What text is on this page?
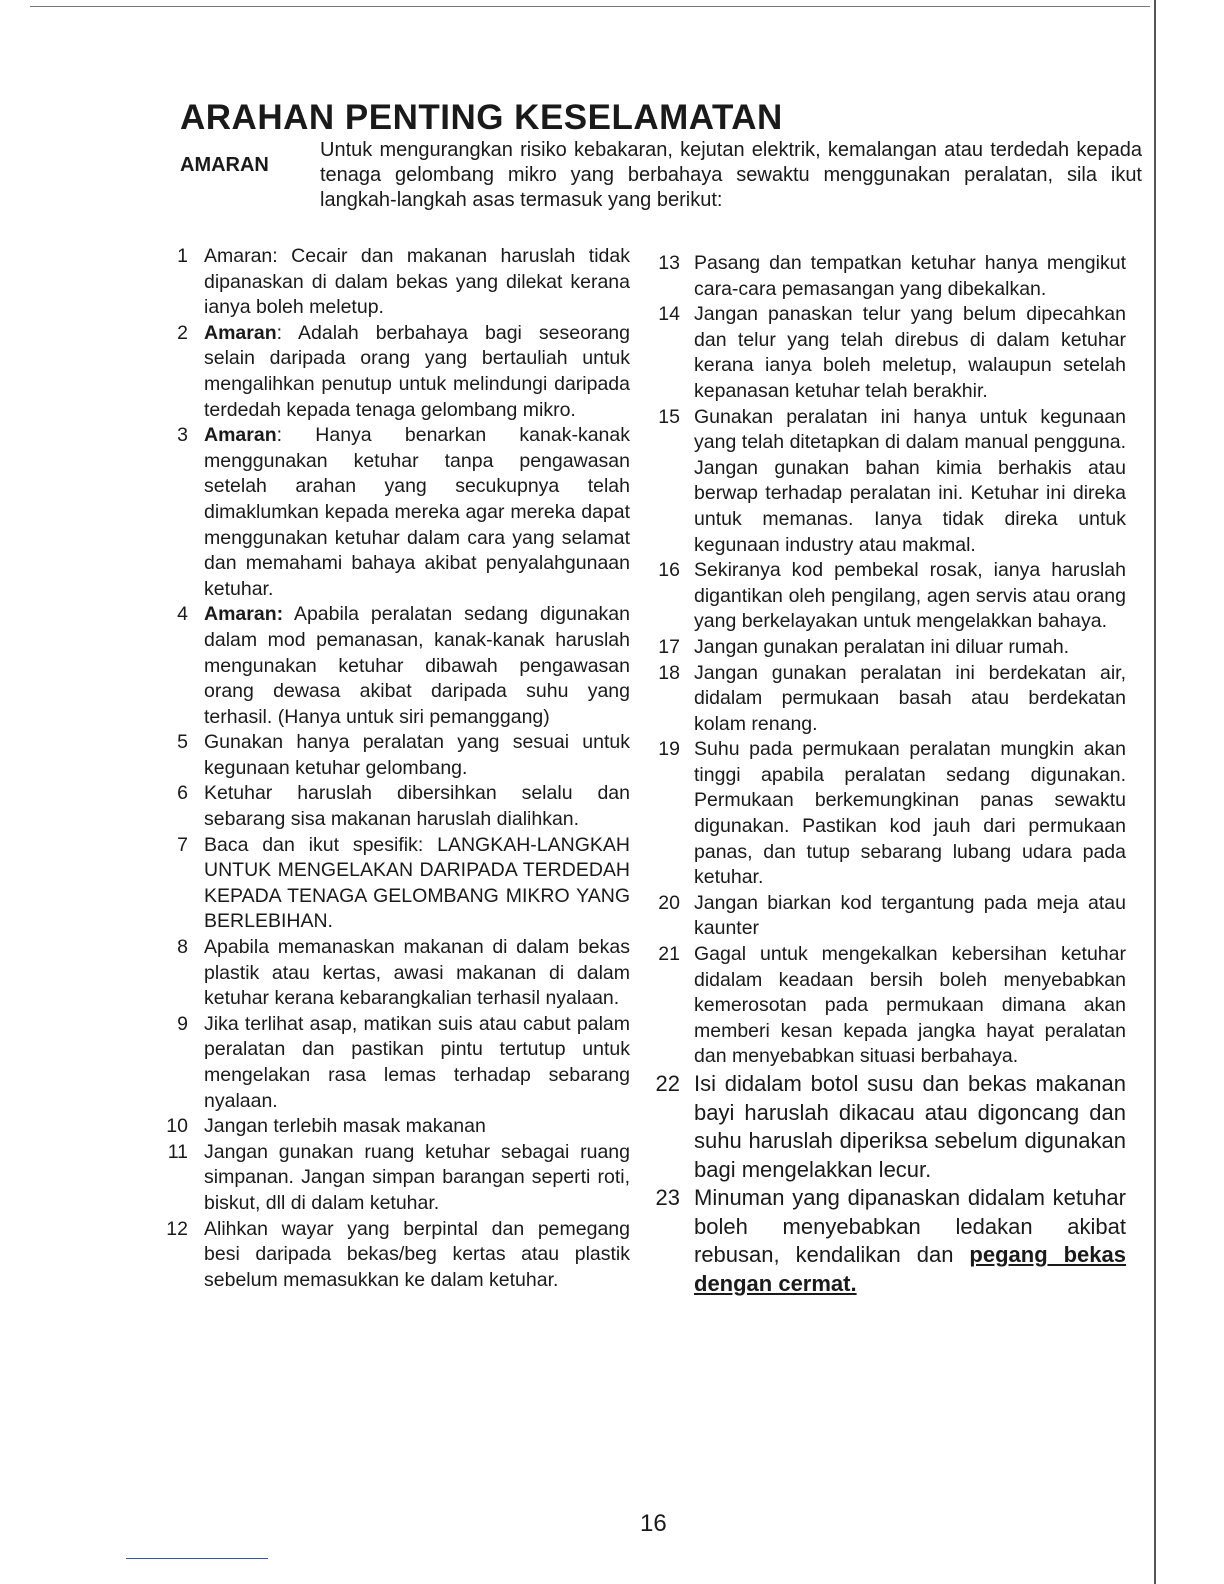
ARAHAN PENTING KESELAMATAN
AMARAN
Untuk mengurangkan risiko kebakaran, kejutan elektrik, kemalangan atau terdedah kepada tenaga gelombang mikro yang berbahaya sewaktu menggunakan peralatan, sila ikut langkah-langkah asas termasuk yang berikut:
1 Amaran: Cecair dan makanan haruslah tidak dipanaskan di dalam bekas yang dilekat kerana ianya boleh meletup.
2 Amaran: Adalah berbahaya bagi seseorang selain daripada orang yang bertauliah untuk mengalihkan penutup untuk melindungi daripada terdedah kepada tenaga gelombang mikro.
3 Amaran: Hanya benarkan kanak-kanak menggunakan ketuhar tanpa pengawasan setelah arahan yang secukupnya telah dimaklumkan kepada mereka agar mereka dapat menggunakan ketuhar dalam cara yang selamat dan memahami bahaya akibat penyalahgunaan ketuhar.
4 Amaran: Apabila peralatan sedang digunakan dalam mod pemanasan, kanak-kanak haruslah mengunakan ketuhar dibawah pengawasan orang dewasa akibat daripada suhu yang terhasil. (Hanya untuk siri pemanggang)
5 Gunakan hanya peralatan yang sesuai untuk kegunaan ketuhar gelombang.
6 Ketuhar haruslah dibersihkan selalu dan sebarang sisa makanan haruslah dialihkan.
7 Baca dan ikut spesifik: LANGKAH-LANGKAH UNTUK MENGELAKAN DARIPADA TERDEDAH KEPADA TENAGA GELOMBANG MIKRO YANG BERLEBIHAN.
8 Apabila memanaskan makanan di dalam bekas plastik atau kertas, awasi makanan di dalam ketuhar kerana kebarangkalian terhasil nyalaan.
9 Jika terlihat asap, matikan suis atau cabut palam peralatan dan pastikan pintu tertutup untuk mengelakan rasa lemas terhadap sebarang nyalaan.
10 Jangan terlebih masak makanan
11 Jangan gunakan ruang ketuhar sebagai ruang simpanan. Jangan simpan barangan seperti roti, biskut, dll di dalam ketuhar.
12 Alihkan wayar yang berpintal dan pemegang besi daripada bekas/beg kertas atau plastik sebelum memasukkan ke dalam ketuhar.
13 Pasang dan tempatkan ketuhar hanya mengikut cara-cara pemasangan yang dibekalkan.
14 Jangan panaskan telur yang belum dipecahkan dan telur yang telah direbus di dalam ketuhar kerana ianya boleh meletup, walaupun setelah kepanasan ketuhar telah berakhir.
15 Gunakan peralatan ini hanya untuk kegunaan yang telah ditetapkan di dalam manual pengguna. Jangan gunakan bahan kimia berhakis atau berwap terhadap peralatan ini. Ketuhar ini direka untuk memanas. Ianya tidak direka untuk kegunaan industry atau makmal.
16 Sekiranya kod pembekal rosak, ianya haruslah digantikan oleh pengilang, agen servis atau orang yang berkelayakan untuk mengelakkan bahaya.
17 Jangan gunakan peralatan ini diluar rumah.
18 Jangan gunakan peralatan ini berdekatan air, didalam permukaan basah atau berdekatan kolam renang.
19 Suhu pada permukaan peralatan mungkin akan tinggi apabila peralatan sedang digunakan. Permukaan berkemungkinan panas sewaktu digunakan. Pastikan kod jauh dari permukaan panas, dan tutup sebarang lubang udara pada ketuhar.
20 Jangan biarkan kod tergantung pada meja atau kaunter
21 Gagal untuk mengekalkan kebersihan ketuhar didalam keadaan bersih boleh menyebabkan kemerosotan pada permukaan dimana akan memberi kesan kepada jangka hayat peralatan dan menyebabkan situasi berbahaya.
22 Isi didalam botol susu dan bekas makanan bayi haruslah dikacau atau digoncang dan suhu haruslah diperiksa sebelum digunakan bagi mengelakkan lecur.
23 Minuman yang dipanaskan didalam ketuhar boleh menyebabkan ledakan akibat rebusan, kendalikan dan pegang bekas dengan cermat.
16
